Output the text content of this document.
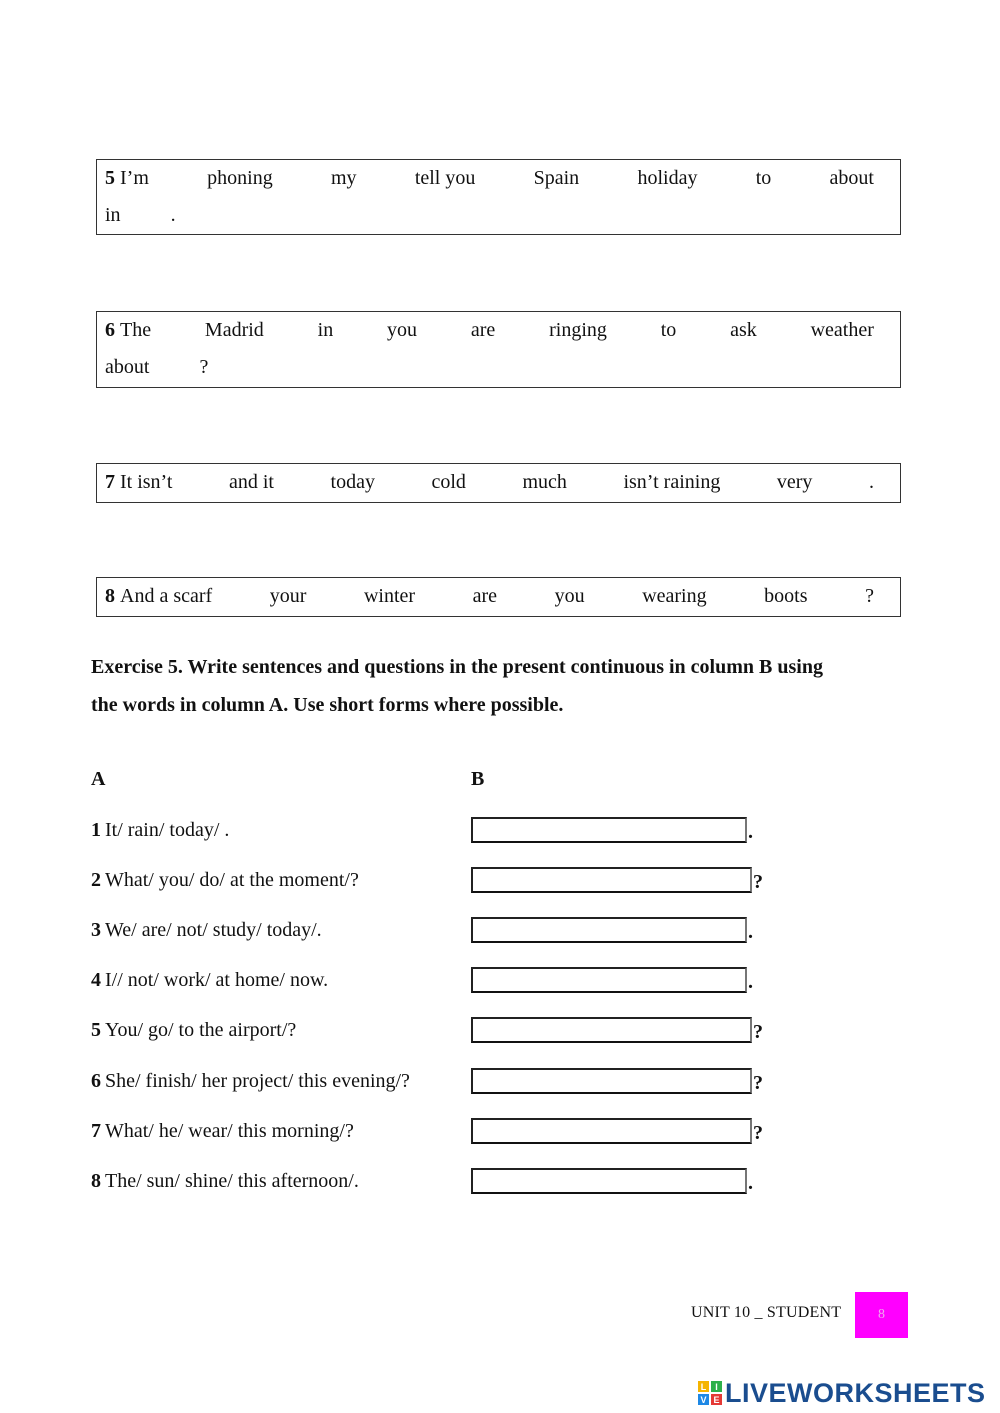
5 I’m	phoning	my	tell you	Spain	holiday	to	about
in	.
6 The	Madrid	in	you	are	ringing	to	ask	weather
about	?
7 It isn’t	and it	today	cold	much	isn’t raining	very	.
8 And a scarf	your	winter	are	you	wearing	boots	?
Exercise 5. Write sentences and questions in the present continuous in column B using
the words in column A. Use short forms where possible.
A	B
1 It/ rain/ today/ .	.
2 What/ you/ do/ at the moment/?	?
3 We/ are/ not/ study/ today/.	.
4 I// not/ work/ at home/ now.	.
5 You/ go/ to the airport/?	?
6 She/ finish/ her project/ this evening/?	?
7 What/ he/ wear/ this morning/?	?
8 The/ sun/ shine/ this afternoon/.	.
UNIT 10 _ STUDENT	8
L I
V E LIVEWORKSHEETS
